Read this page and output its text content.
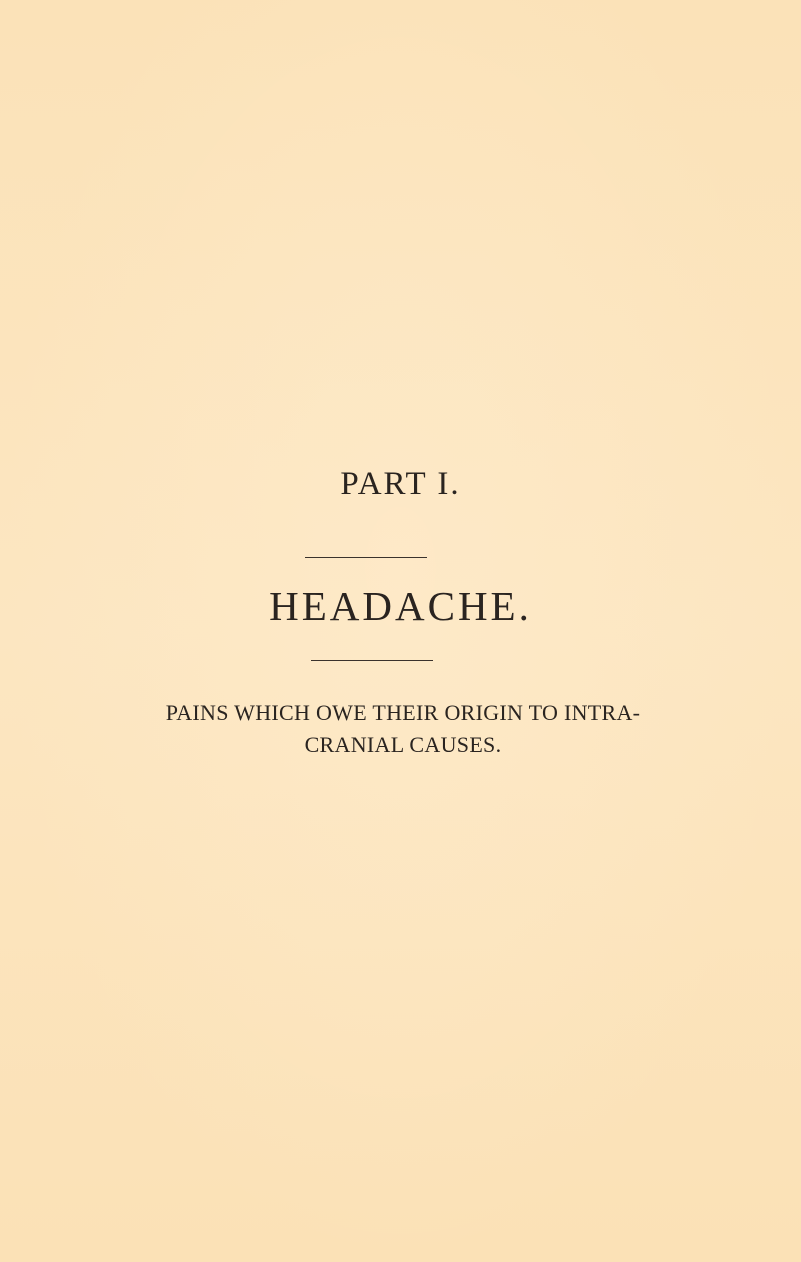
PART I.
HEADACHE.
PAINS WHICH OWE THEIR ORIGIN TO INTRA-
CRANIAL CAUSES.
